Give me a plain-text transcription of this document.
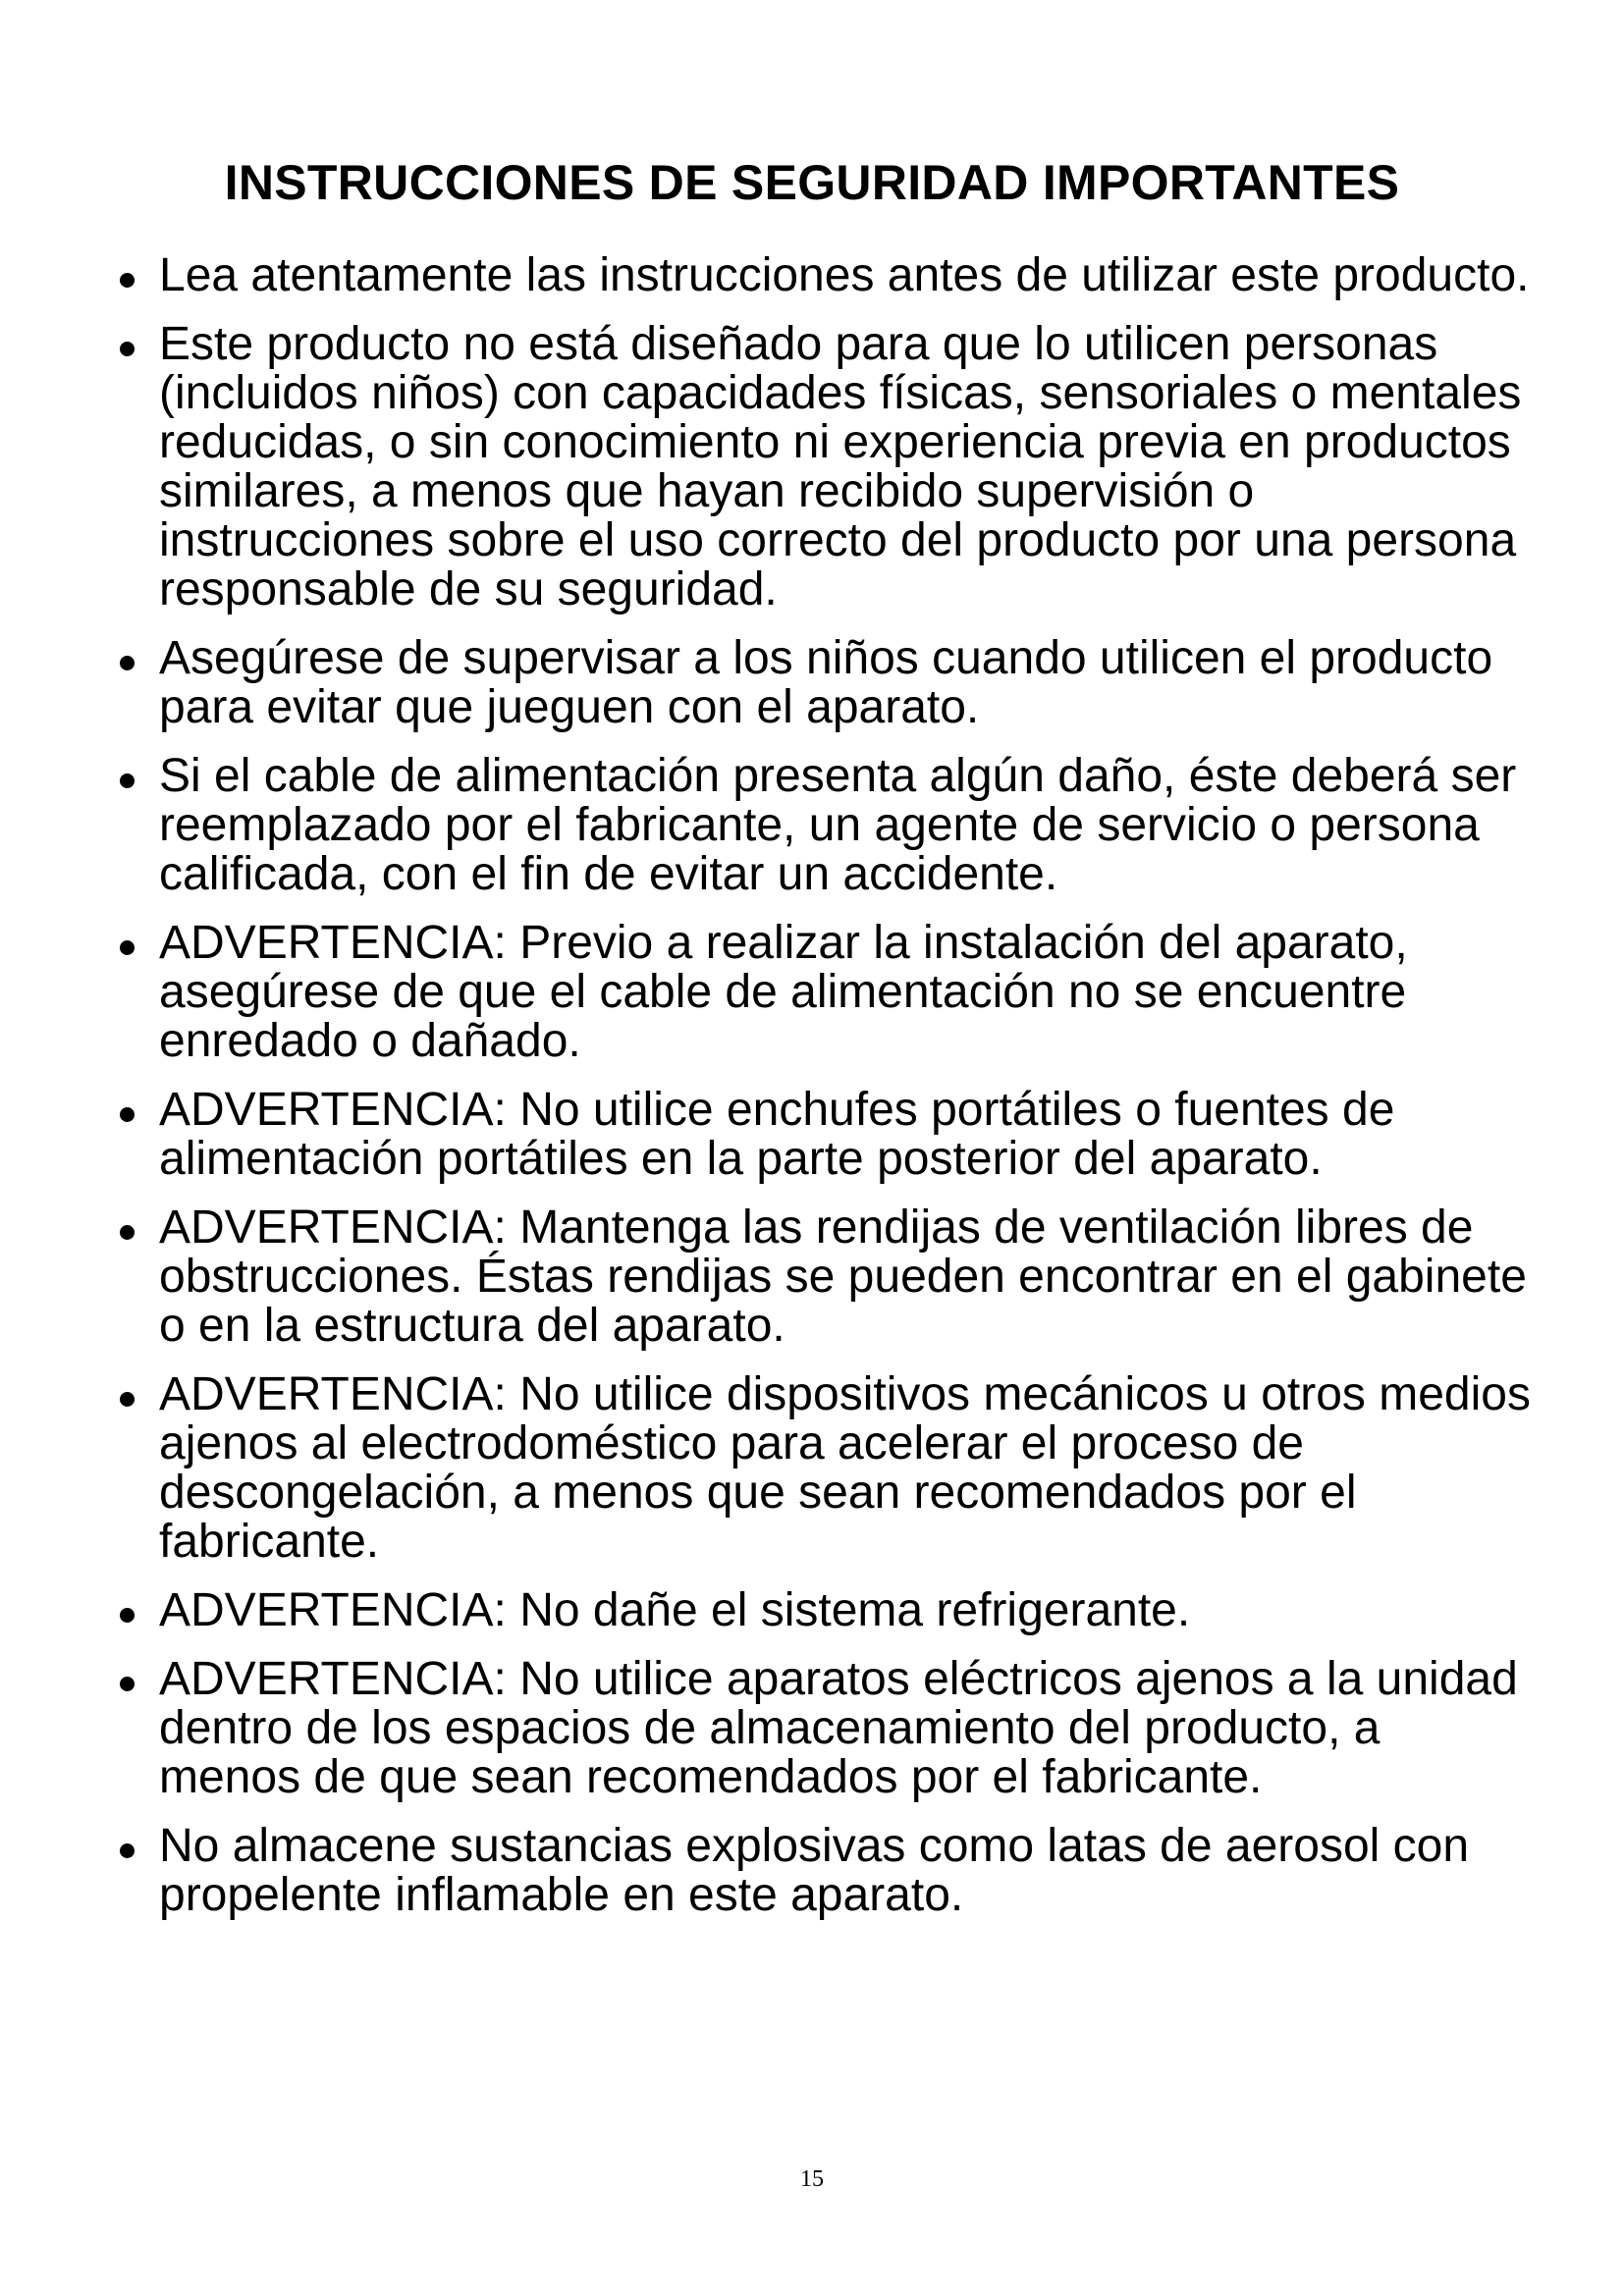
INSTRUCCIONES DE SEGURIDAD IMPORTANTES
Lea atentamente las instrucciones antes de utilizar este producto.
Este producto no está diseñado para que lo utilicen personas (incluidos niños) con capacidades físicas, sensoriales o mentales reducidas, o sin conocimiento ni experiencia previa en productos similares, a menos que hayan recibido supervisión o instrucciones sobre el uso correcto del producto por una persona responsable de su seguridad.
Asegúrese de supervisar a los niños cuando utilicen el producto para evitar que jueguen con el aparato.
Si el cable de alimentación presenta algún daño, éste deberá ser reemplazado por el fabricante, un agente de servicio o persona calificada, con el fin de evitar un accidente.
ADVERTENCIA: Previo a realizar la instalación del aparato, asegúrese de que el cable de alimentación no se encuentre enredado o dañado.
ADVERTENCIA: No utilice enchufes portátiles o fuentes de alimentación portátiles en la parte posterior del aparato.
ADVERTENCIA: Mantenga las rendijas de ventilación libres de obstrucciones. Éstas rendijas se pueden encontrar en el gabinete o en la estructura del aparato.
ADVERTENCIA: No utilice dispositivos mecánicos u otros medios ajenos al electrodoméstico para acelerar el proceso de descongelación, a menos que sean recomendados por el fabricante.
ADVERTENCIA: No dañe el sistema refrigerante.
ADVERTENCIA: No utilice aparatos eléctricos ajenos a la unidad dentro de los espacios de almacenamiento del producto, a menos de que sean recomendados por el fabricante.
No almacene sustancias explosivas como latas de aerosol con propelente inflamable en este aparato.
15
